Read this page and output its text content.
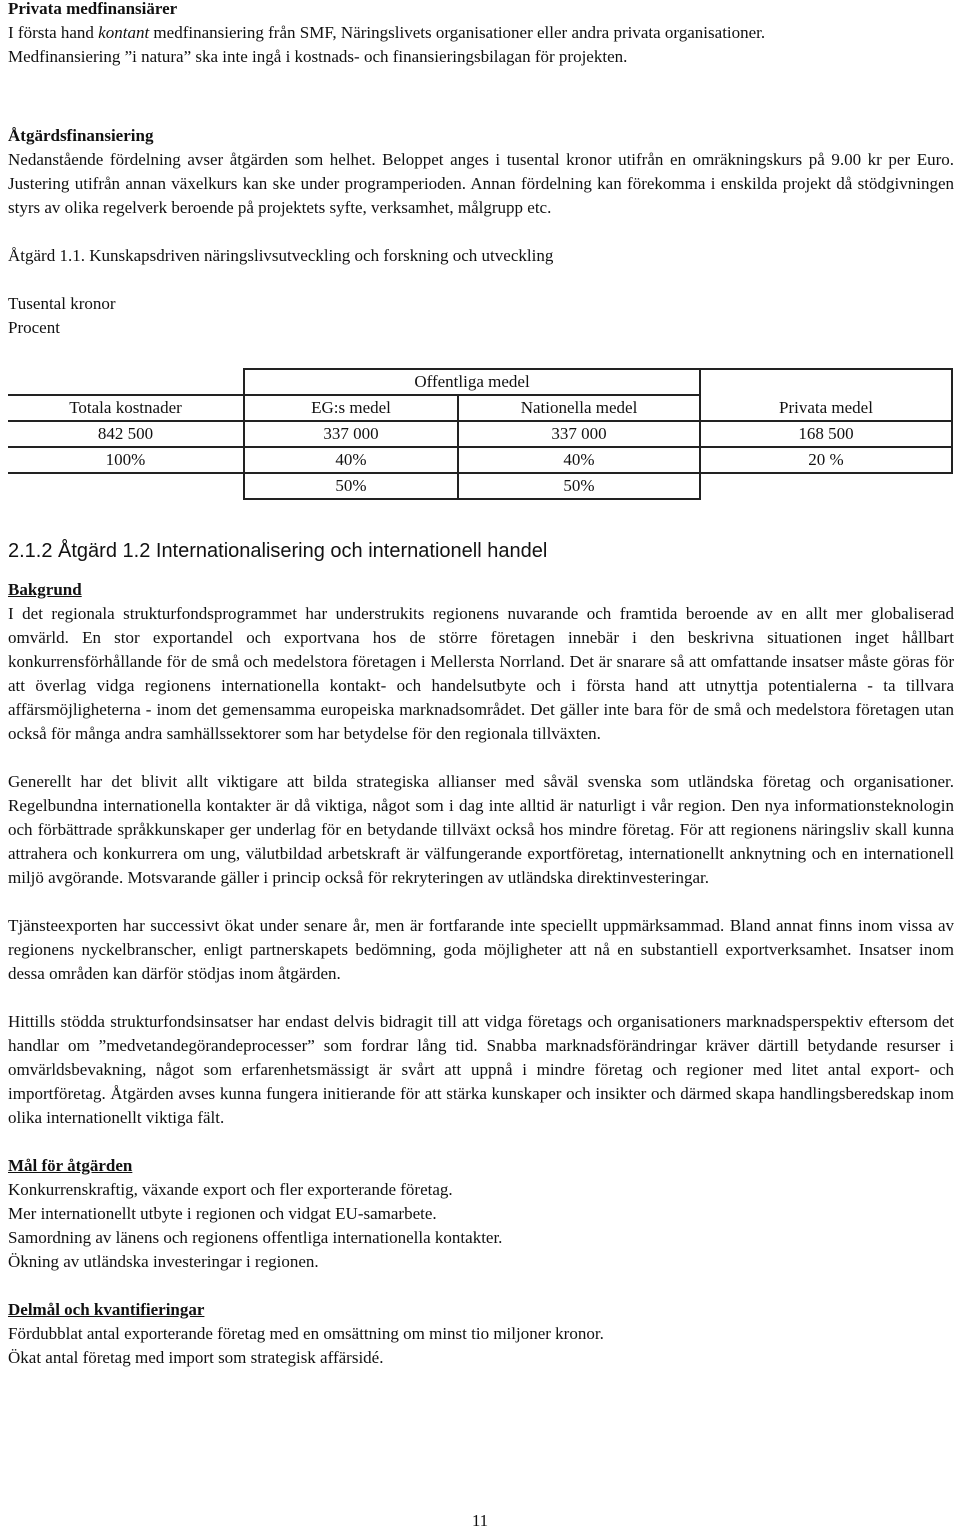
Privata medfinansiärer

I första hand kontant medfinansiering från SMF, Näringslivets organisationer eller andra privata organisationer.

Medfinansiering ”i natura” ska inte ingå i kostnads- och finansieringsbilagan för projekten.

Åtgärdsfinansiering

Nedanstående fördelning avser åtgärden som helhet. Beloppet anges i tusental kronor utifrån en omräkningskurs på 9.00 kr per Euro. Justering utifrån annan växelkurs kan ske under programperioden. Annan fördelning kan förekomma i enskilda projekt då stödgivningen styrs av olika regelverk beroende på projektets syfte, verksamhet, målgrupp etc.

Åtgärd 1.1. Kunskapsdriven näringslivsutveckling och forskning och utveckling

Tusental kronor

Procent

	Offentliga medel		
Totala kostnader	EG:s medel	Nationella medel	Privata medel
842 500	337 000	337 000	168 500
100%	40%	40%	20 %
	50%	50%	

2.1.2 Åtgärd 1.2 Internationalisering och internationell handel

Bakgrund

I det regionala strukturfondsprogrammet har understrukits regionens nuvarande och framtida beroende av en allt mer globaliserad omvärld. En stor exportandel och exportvana hos de större företagen innebär i den beskrivna situationen inget hållbart konkurrensförhållande för de små och medelstora företagen i Mellersta Norrland. Det är snarare så att omfattande insatser måste göras för att överlag vidga regionens internationella kontakt- och handelsutbyte och i första hand att utnyttja potentialerna - ta tillvara affärsmöjligheterna - inom det gemensamma europeiska marknadsområdet. Det gäller inte bara för de små och medelstora företagen utan också för många andra samhällssektorer som har betydelse för den regionala tillväxten.

Generellt har det blivit allt viktigare att bilda strategiska allianser med såväl svenska som utländska företag och organisationer. Regelbundna internationella kontakter är då viktiga, något som i dag inte alltid är naturligt i vår region. Den nya informationsteknologin och förbättrade språkkunskaper ger underlag för en betydande tillväxt också hos mindre företag. För att regionens näringsliv skall kunna attrahera och konkurrera om ung, välutbildad arbetskraft är välfungerande exportföretag, internationellt anknytning och en internationell miljö avgörande. Motsvarande gäller i princip också för rekryteringen av utländska direktinvesteringar.

Tjänsteexporten har successivt ökat under senare år, men är fortfarande inte speciellt uppmärksammad. Bland annat finns inom vissa av regionens nyckelbranscher, enligt partnerskapets bedömning, goda möjligheter att nå en substantiell exportverksamhet. Insatser inom dessa områden kan därför stödjas inom åtgärden.

Hittills stödda strukturfondsinsatser har endast delvis bidragit till att vidga företags och organisationers marknadsperspektiv eftersom det handlar om ”medvetandegörandeprocesser” som fordrar lång tid. Snabba marknadsförändringar kräver därtill betydande resurser i omvärldsbevakning, något som erfarenhetsmässigt är svårt att uppnå i mindre företag och regioner med litet antal export- och importföretag. Åtgärden avses kunna fungera initierande för att stärka kunskaper och insikter och därmed skapa handlingsberedskap inom olika internationellt viktiga fält.

Mål för åtgärden

Konkurrenskraftig, växande export och fler exporterande företag.

Mer internationellt utbyte i regionen och vidgat EU-samarbete.

Samordning av länens och regionens offentliga internationella kontakter.

Ökning av utländska investeringar i regionen.

Delmål och kvantifieringar

Fördubblat antal exporterande företag med en omsättning om minst tio miljoner kronor.

Ökat antal företag med import som strategisk affärsidé.

11
